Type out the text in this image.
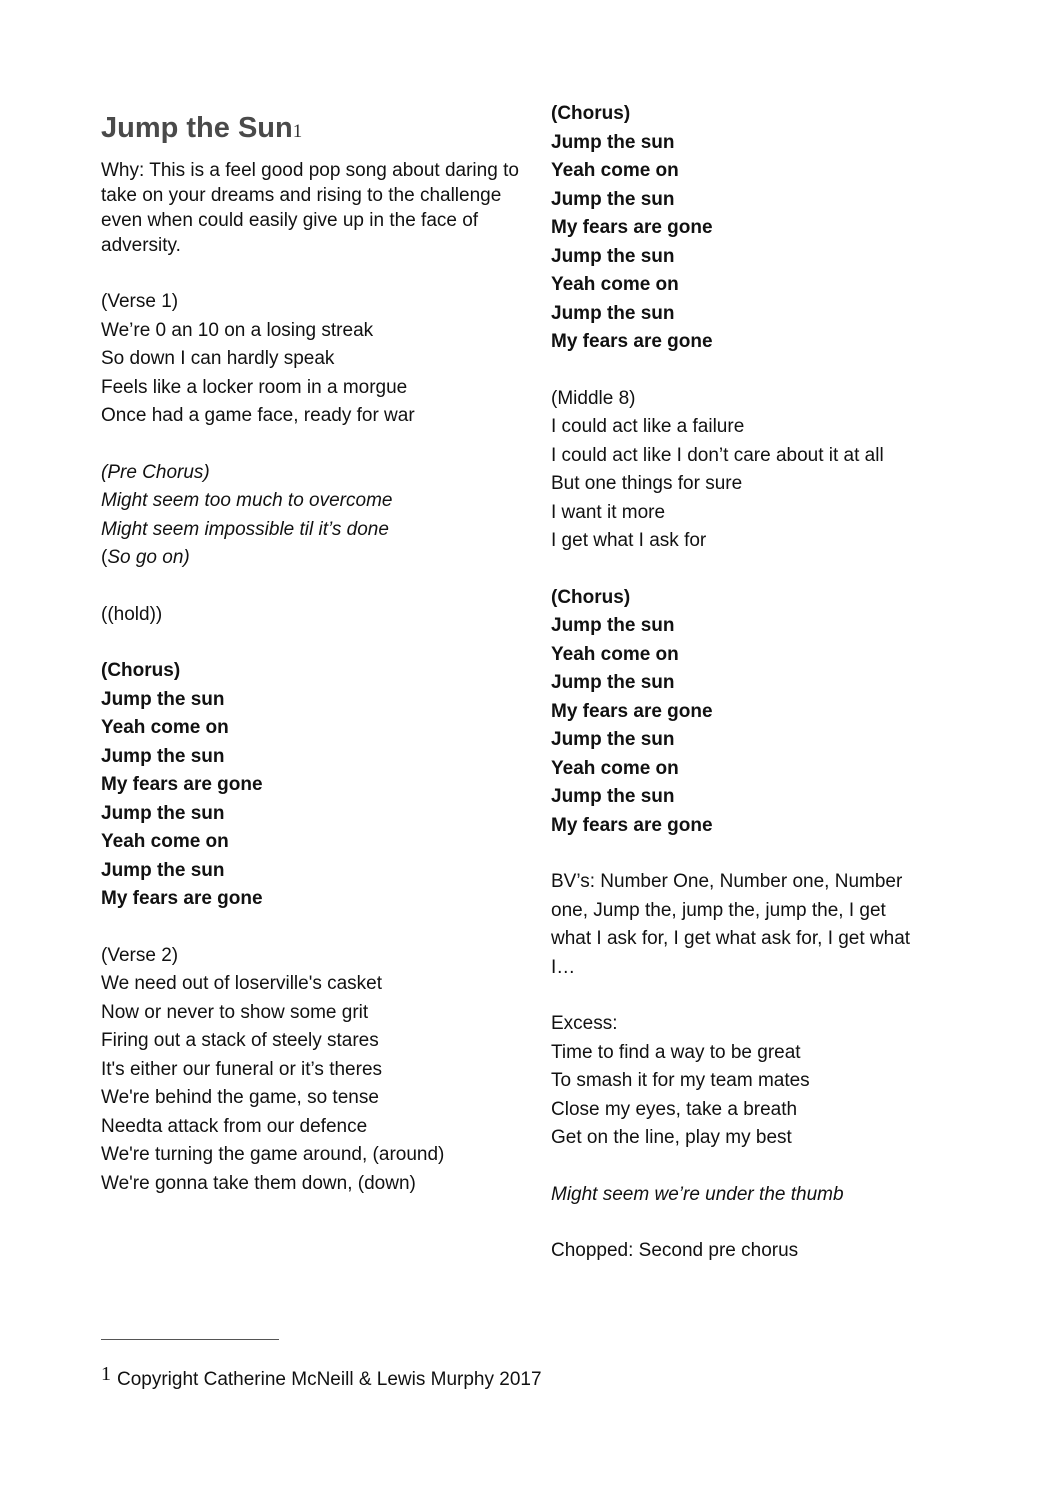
Jump the Sun$^1$
Why: This is a feel good pop song about daring to take on your dreams and rising to the challenge even when could easily give up in the face of adversity.
(Verse 1)
We’re 0 an 10 on a losing streak
So down I can hardly speak
Feels like a locker room in a morgue
Once had a game face, ready for war
(Pre Chorus)
Might seem too much to overcome
Might seem impossible til it’s done
(So go on)
((hold))
(Chorus)
Jump the sun
Yeah come on
Jump the sun
My fears are gone
Jump the sun
Yeah come on
Jump the sun
My fears are gone
(Verse 2)
We need out of loserville's casket
Now or never to show some grit
Firing out a stack of steely stares
It's either our funeral or it’s theres
We're behind the game, so tense
Needta attack from our defence
We're turning the game around, (around)
We're gonna take them down, (down)
(Chorus)
Jump the sun
Yeah come on
Jump the sun
My fears are gone
Jump the sun
Yeah come on
Jump the sun
My fears are gone
(Middle 8)
I could act like a failure
I could act like I don’t care about it at all
But one things for sure
I want it more
I get what I ask for
(Chorus)
Jump the sun
Yeah come on
Jump the sun
My fears are gone
Jump the sun
Yeah come on
Jump the sun
My fears are gone
BV’s: Number One, Number one, Number
one, Jump the, jump the, jump the, I get
what I ask for, I get what ask for, I get what
I…
Excess:
Time to find a way to be great
To smash it for my team mates
Close my eyes, take a breath
Get on the line, play my best
Might seem we’re under the thumb
Chopped: Second pre chorus
1 Copyright Catherine McNeill & Lewis Murphy 2017
